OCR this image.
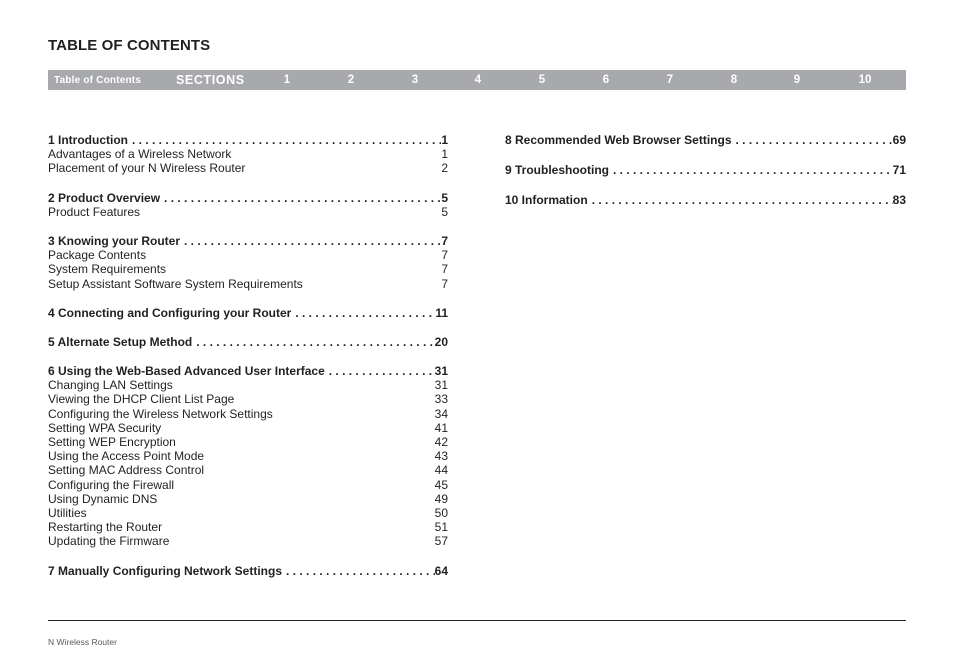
TABLE OF CONTENTS
Table of Contents	SECTIONS	1	2	3	4	5	6	7	8	9	10
1 Introduction . . .	1
Advantages of a Wireless Network	1
Placement of your N Wireless Router	2
2 Product Overview . . .	5
Product Features	5
3 Knowing your Router . . .	7
Package Contents	7
System Requirements	7
Setup Assistant Software System Requirements	7
4 Connecting and Configuring your Router . . .	11
5 Alternate Setup Method . . .	20
6 Using the Web-Based Advanced User Interface . . .	31
Changing LAN Settings	31
Viewing the DHCP Client List Page	33
Configuring the Wireless Network Settings	34
Setting WPA Security	41
Setting WEP Encryption	42
Using the Access Point Mode	43
Setting MAC Address Control	44
Configuring the Firewall	45
Using Dynamic DNS	49
Utilities	50
Restarting the Router	51
Updating the Firmware	57
7 Manually Configuring Network Settings . . .	64
8 Recommended Web Browser Settings . . .	69
9 Troubleshooting . . .	71
10 Information . . .	83
N Wireless Router
